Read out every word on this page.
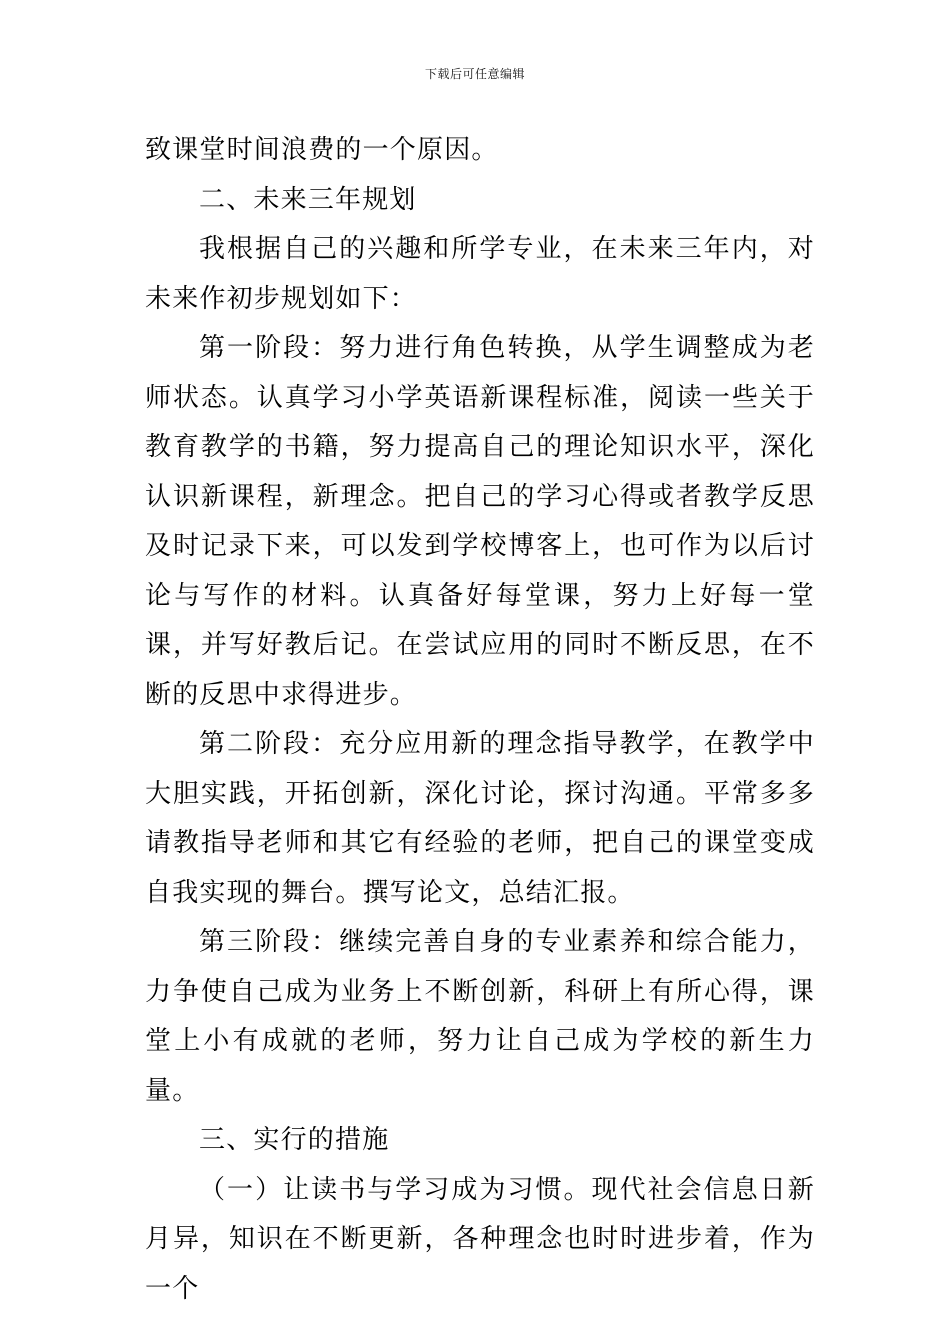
下载后可任意编辑

致课堂时间浪费的一个原因。

二、未来三年规划

我根据自己的兴趣和所学专业，在未来三年内，对未来作初步规划如下：

第一阶段：努力进行角色转换，从学生调整成为老师状态。认真学习小学英语新课程标准，阅读一些关于教育教学的书籍，努力提高自己的理论知识水平，深化认识新课程，新理念。把自己的学习心得或者教学反思及时记录下来，可以发到学校博客上，也可作为以后讨论与写作的材料。认真备好每堂课，努力上好每一堂课，并写好教后记。在尝试应用的同时不断反思，在不断的反思中求得进步。

第二阶段：充分应用新的理念指导教学，在教学中大胆实践，开拓创新，深化讨论，探讨沟通。平常多多请教指导老师和其它有经验的老师，把自己的课堂变成自我实现的舞台。撰写论文，总结汇报。

第三阶段：继续完善自身的专业素养和综合能力，力争使自己成为业务上不断创新，科研上有所心得，课堂上小有成就的老师，努力让自己成为学校的新生力量。

三、实行的措施

（一）让读书与学习成为习惯。现代社会信息日新月异，知识在不断更新，各种理念也时时进步着，作为一个
